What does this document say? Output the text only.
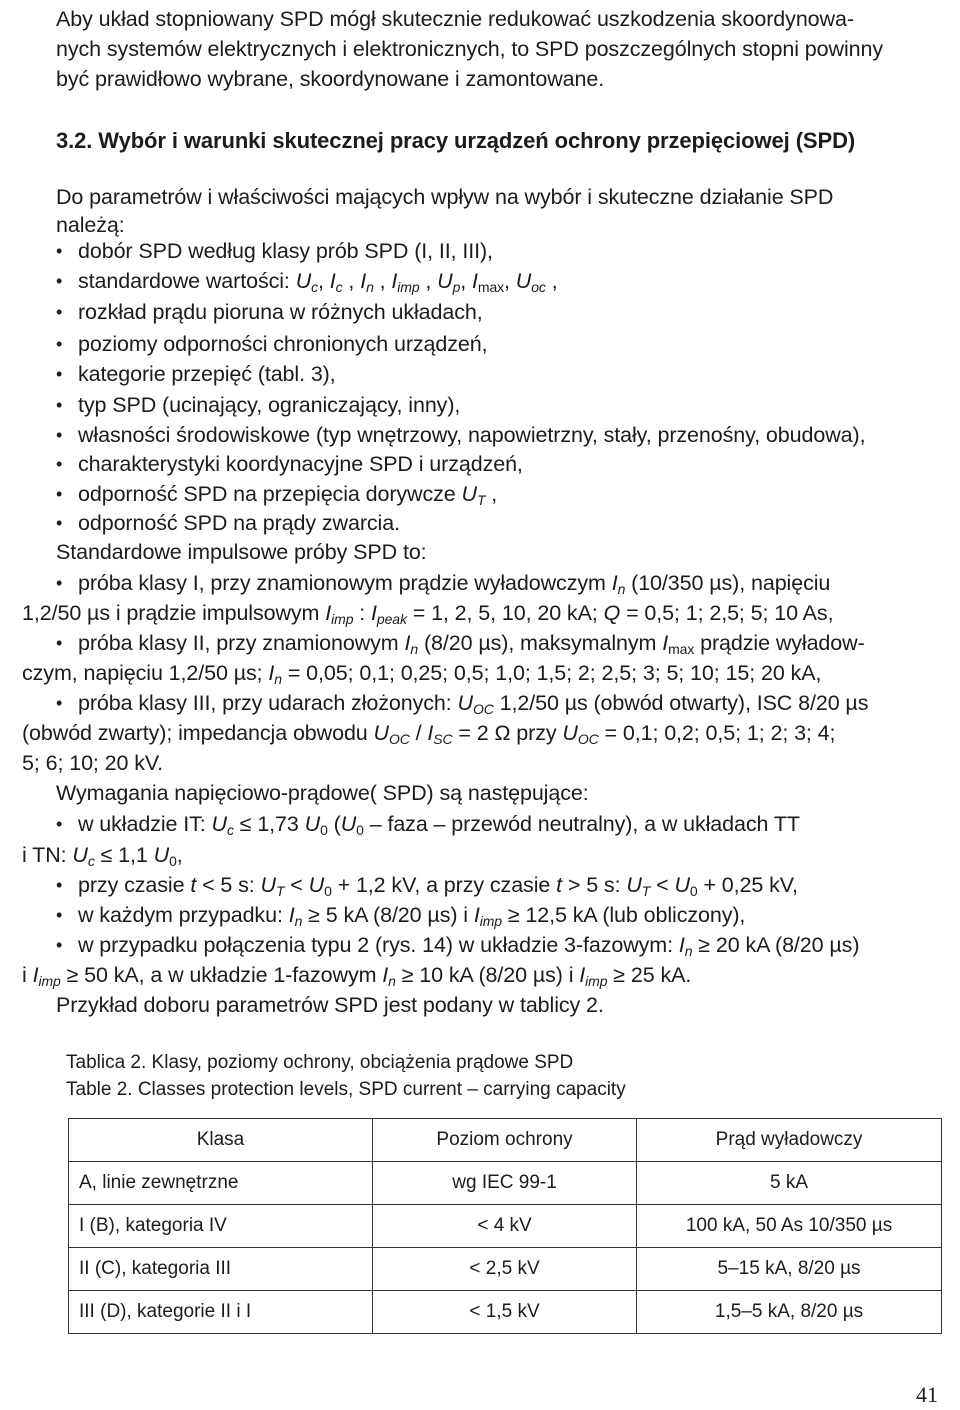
Aby układ stopniowany SPD mógł skutecznie redukować uszkodzenia skoordynowa-
nych systemów elektrycznych i elektronicznych, to SPD poszczególnych stopni powinny
być prawidłowo wybrane, skoordynowane i zamontowane.
3.2. Wybór i warunki skutecznej pracy urządzeń ochrony przepięciowej (SPD)
Do parametrów i właściwości mających wpływ na wybór i skuteczne działanie SPD
należą:
• dobór SPD według klasy prób SPD (I, II, III),
• standardowe wartości: $U_c$, $I_c$ , $I_n$ , $I_{imp}$ , $U_p$, $I_{max}$, $U_{oc}$ ,
• rozkład prądu pioruna w różnych układach,
• poziomy odporności chronionych urządzeń,
• kategorie przepięć (tabl. 3),
• typ SPD (ucinający, ograniczający, inny),
• własności środowiskowe (typ wnętrzowy, napowietrzny, stały, przenośny, obudowa),
• charakterystyki koordynacyjne SPD i urządzeń,
• odporność SPD na przepięcia dorywcze $U_T$ ,
• odporność SPD na prądy zwarcia.
Standardowe impulsowe próby SPD to:
• próba klasy I, przy znamionowym prądzie wyładowczym $I_n$ (10/350 µs), napięciu
1,2/50 µs i prądzie impulsowym $I_{imp}$ : $I_{peak} = 1$, 2, 5, 10, 20 kA; Q = 0,5; 1; 2,5; 5; 10 As,
• próba klasy II, przy znamionowym $I_n$ (8/20 µs), maksymalnym $I_{max}$ prądzie wyładow-
czym, napięciu 1,2/50 µs; $I_n = 0,05$; 0,1; 0,25; 0,5; 1,0; 1,5; 2; 2,5; 3; 5; 10; 15; 20 kA,
• próba klasy III, przy udarach złożonych: $U_{OC}$ 1,2/50 µs (obwód otwarty), ISC 8/20 µs
(obwód zwarty); impedancja obwodu $U_{OC} / I_{SC} = 2$ Ω przy $U_{OC} = 0,1$; 0,2; 0,5; 1; 2; 3; 4;
5; 6; 10; 20 kV.
Wymagania napięciowo-prądowe( SPD) są następujące:
• w układzie IT: $U_c \le 1,73$ $U_0$ ($U_0$ – faza – przewód neutralny), a w układach TT
i TN: $U_c \le 1,1$ $U_0$,
• przy czasie t < 5 s: $U_T < U_0 + 1,2$ kV, a przy czasie t > 5 s: $U_T < U_0 + 0,25$ kV,
• w każdym przypadku: $I_n \ge 5$ kA (8/20 µs) i $I_{imp} \ge 12,5$ kA (lub obliczony),
• w przypadku połączenia typu 2 (rys. 14) w układzie 3-fazowym: $I_n \ge 20$ kA (8/20 µs)
i $I_{imp} \ge 50$ kA, a w układzie 1-fazowym $I_n \ge 10$ kA (8/20 µs) i $I_{imp} \ge 25$ kA.
Przykład doboru parametrów SPD jest podany w tablicy 2.
Tablica 2. Klasy, poziomy ochrony, obciążenia prądowe SPD
Table 2. Classes protection levels, SPD current – carrying capacity
Klasa	Poziom ochrony	Prąd wyładowczy
A, linie zewnętrzne	wg IEC 99-1	5 kA
I (B), kategoria IV	< 4 kV	100 kA, 50 As 10/350 µs
II (C), kategoria III	< 2,5 kV	5–15 kA, 8/20 µs
III (D), kategorie II i I	< 1,5 kV	1,5–5 kA, 8/20 µs
41
